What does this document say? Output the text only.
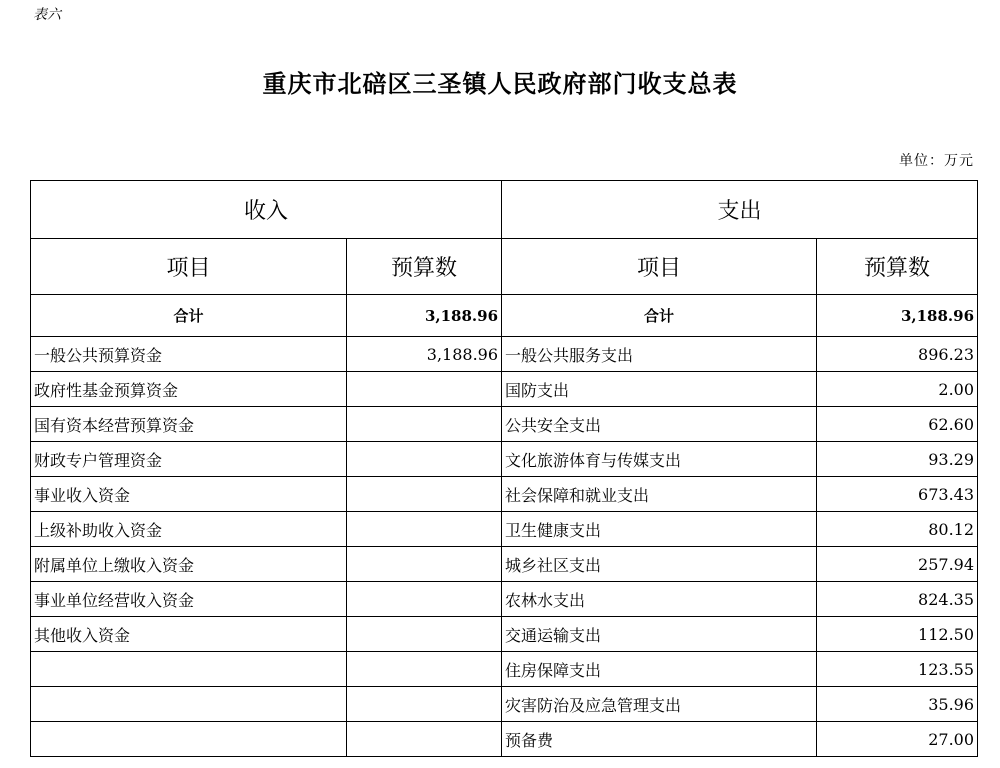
表六
重庆市北碚区三圣镇人民政府部门收支总表
单位：万元
收入		支出	
项目	预算数	项目	预算数
合计	3,188.96	合计	3,188.96
一般公共预算资金	3,188.96	一般公共服务支出	896.23
政府性基金预算资金		国防支出	2.00
国有资本经营预算资金		公共安全支出	62.60
财政专户管理资金		文化旅游体育与传媒支出	93.29
事业收入资金		社会保障和就业支出	673.43
上级补助收入资金		卫生健康支出	80.12
附属单位上缴收入资金		城乡社区支出	257.94
事业单位经营收入资金		农林水支出	824.35
其他收入资金		交通运输支出	112.50
		住房保障支出	123.55
		灾害防治及应急管理支出	35.96
		预备费	27.00
